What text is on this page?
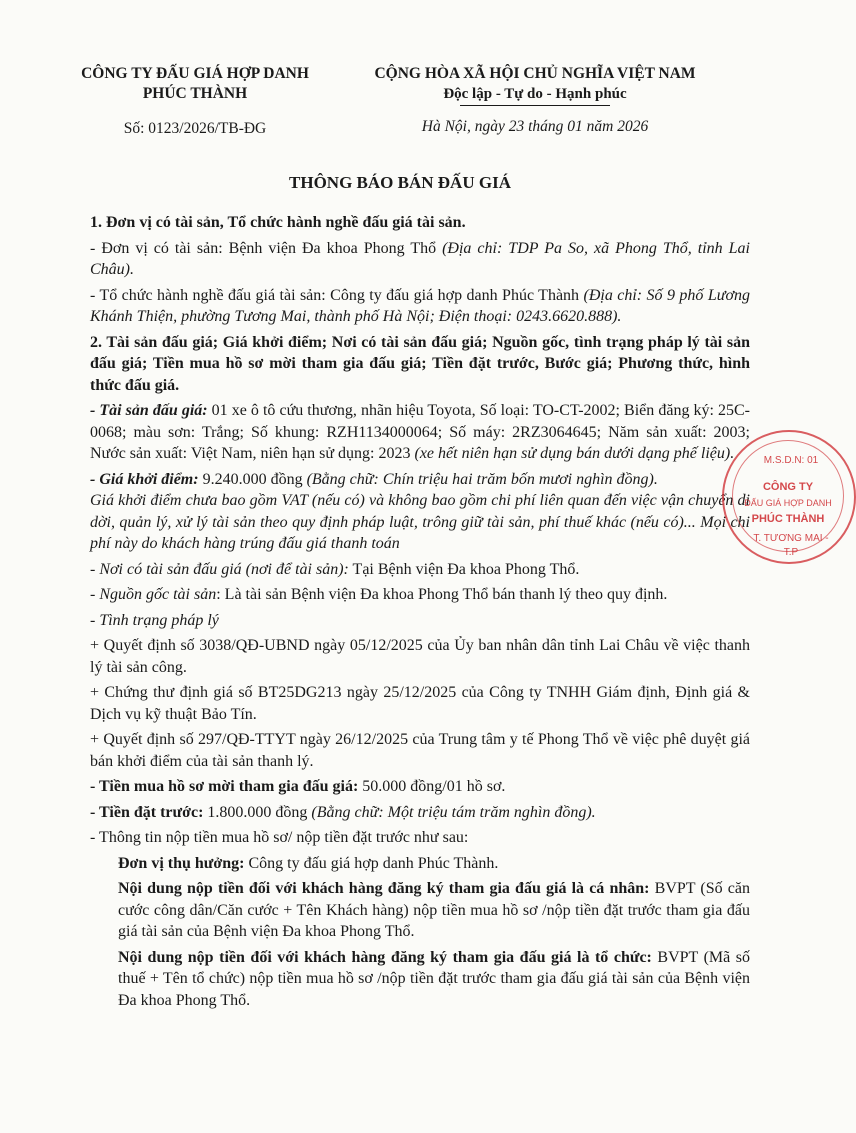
CÔNG TY ĐẤU GIÁ HỢP DANH
PHÚC THÀNH
Số: 0123/2026/TB-ĐG
CỘNG HÒA XÃ HỘI CHỦ NGHĨA VIỆT NAM
Độc lập - Tự do - Hạnh phúc
Hà Nội, ngày 23 tháng 01 năm 2026
THÔNG BÁO BÁN ĐẤU GIÁ

1. Đơn vị có tài sản, Tổ chức hành nghề đấu giá tài sản.

- Đơn vị có tài sản: Bệnh viện Đa khoa Phong Thổ (Địa chỉ: TDP Pa So, xã Phong Thổ, tỉnh Lai Châu).

- Tổ chức hành nghề đấu giá tài sản: Công ty đấu giá hợp danh Phúc Thành (Địa chỉ: Số 9 phố Lương Khánh Thiện, phường Tương Mai, thành phố Hà Nội; Điện thoại: 0243.6620.888).

2. Tài sản đấu giá; Giá khởi điểm; Nơi có tài sản đấu giá; Nguồn gốc, tình trạng pháp lý tài sản đấu giá; Tiền mua hồ sơ mời tham gia đấu giá; Tiền đặt trước, Bước giá; Phương thức, hình thức đấu giá.

- Tài sản đấu giá: 01 xe ô tô cứu thương, nhãn hiệu Toyota, Số loại: TO-CT-2002; Biển đăng ký: 25C-0068; màu sơn: Trắng; Số khung: RZH1134000064; Số máy: 2RZ3064645; Năm sản xuất: 2003; Nước sản xuất: Việt Nam, niên hạn sử dụng: 2023 (xe hết niên hạn sử dụng bán dưới dạng phế liệu).

- Giá khởi điểm: 9.240.000 đồng (Bằng chữ: Chín triệu hai trăm bốn mươi nghìn đồng).
Giá khởi điểm chưa bao gồm VAT (nếu có) và không bao gồm chi phí liên quan đến việc vận chuyển di dời, quản lý, xử lý tài sản theo quy định pháp luật, trông giữ tài sản, phí thuế khác (nếu có)... Mọi chi phí này do khách hàng trúng đấu giá thanh toán

- Nơi có tài sản đấu giá (nơi để tài sản): Tại Bệnh viện Đa khoa Phong Thổ.

- Nguồn gốc tài sản: Là tài sản Bệnh viện Đa khoa Phong Thổ bán thanh lý theo quy định.

- Tình trạng pháp lý

+ Quyết định số 3038/QĐ-UBND ngày 05/12/2025 của Ủy ban nhân dân tỉnh Lai Châu về việc thanh lý tài sản công.

+ Chứng thư định giá số BT25DG213 ngày 25/12/2025 của Công ty TNHH Giám định, Định giá & Dịch vụ kỹ thuật Bảo Tín.

+ Quyết định số 297/QĐ-TTYT ngày 26/12/2025 của Trung tâm y tế Phong Thổ về việc phê duyệt giá bán khởi điểm của tài sản thanh lý.

- Tiền mua hồ sơ mời tham gia đấu giá: 50.000 đồng/01 hồ sơ.

- Tiền đặt trước: 1.800.000 đồng (Bằng chữ: Một triệu tám trăm nghìn đồng).

- Thông tin nộp tiền mua hồ sơ/ nộp tiền đặt trước như sau:

Đơn vị thụ hưởng: Công ty đấu giá hợp danh Phúc Thành.

Nội dung nộp tiền đối với khách hàng đăng ký tham gia đấu giá là cá nhân: BVPT (Số căn cước công dân/Căn cước + Tên Khách hàng) nộp tiền mua hồ sơ /nộp tiền đặt trước tham gia đấu giá tài sản của Bệnh viện Đa khoa Phong Thổ.

Nội dung nộp tiền đối với khách hàng đăng ký tham gia đấu giá là tổ chức: BVPT (Mã số thuế + Tên tổ chức) nộp tiền mua hồ sơ /nộp tiền đặt trước tham gia đấu giá tài sản của Bệnh viện Đa khoa Phong Thổ.

M.S.D.N: 01
CÔNG TY
ĐẤU GIÁ HỢP DANH
PHÚC THÀNH
T. TƯƠNG MAI - T.P
